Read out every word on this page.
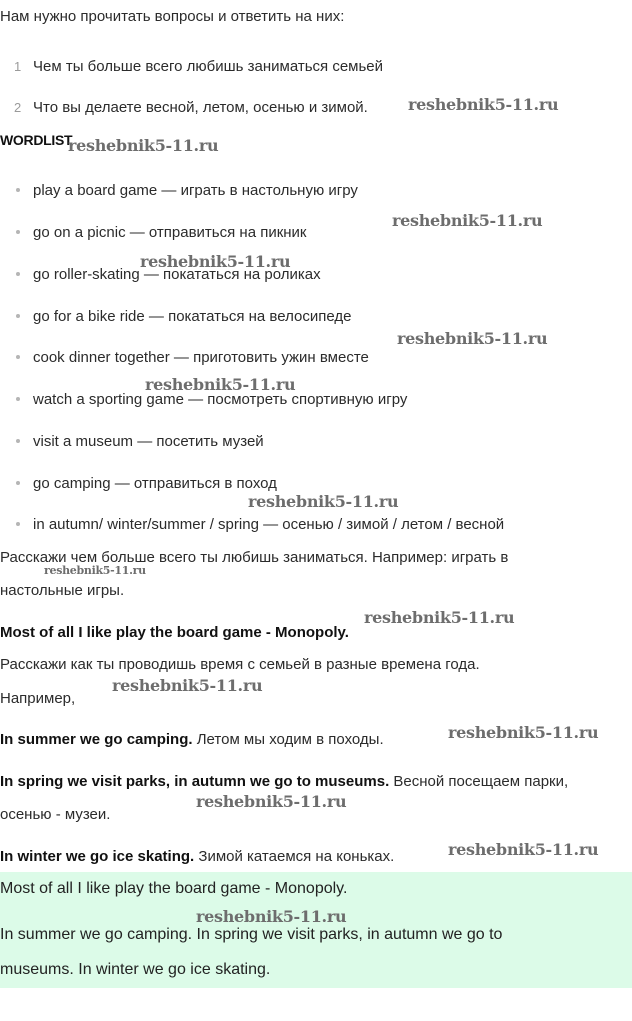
Нам нужно прочитать вопросы и ответить на них:
1 Чем ты больше всего любишь заниматься семьей
2 Что вы делаете весной, летом, осенью и зимой.
WORDLIST
play a board game — играть в настольную игру
go on a picnic — отправиться на пикник
go roller-skating — покататься на роликах
go for a bike ride — покататься на велосипеде
cook dinner together — приготовить ужин вместе
watch a sporting game — посмотреть спортивную игру
visit a museum — посетить музей
go camping — отправиться в поход
in autumn/ winter/summer / spring — осенью / зимой / летом / весной
Расскажи чем больше всего ты любишь заниматься. Например: играть в
настольные игры.
Most of all I like play the board game - Monopoly.
Расскажи как ты проводишь время с семьей в разные времена года.
Например,
In summer we go camping. Летом мы ходим в походы.
In spring we visit parks, in autumn we go to museums. Весной посещаем парки,
осенью - музеи.
In winter we go ice skating. Зимой катаемся на коньках.
Most of all I like play the board game - Monopoly.
In summer we go camping. In spring we visit parks, in autumn we go to
museums. In winter we go ice skating.
reshebnik5-11.ru
reshebnik5-11.ru
reshebnik5-11.ru
reshebnik5-11.ru
reshebnik5-11.ru
reshebnik5-11.ru
reshebnik5-11.ru
reshebnik5-11.ru
reshebnik5-11.ru
reshebnik5-11.ru
reshebnik5-11.ru
reshebnik5-11.ru
reshebnik5-11.ru
reshebnik5-11.ru
